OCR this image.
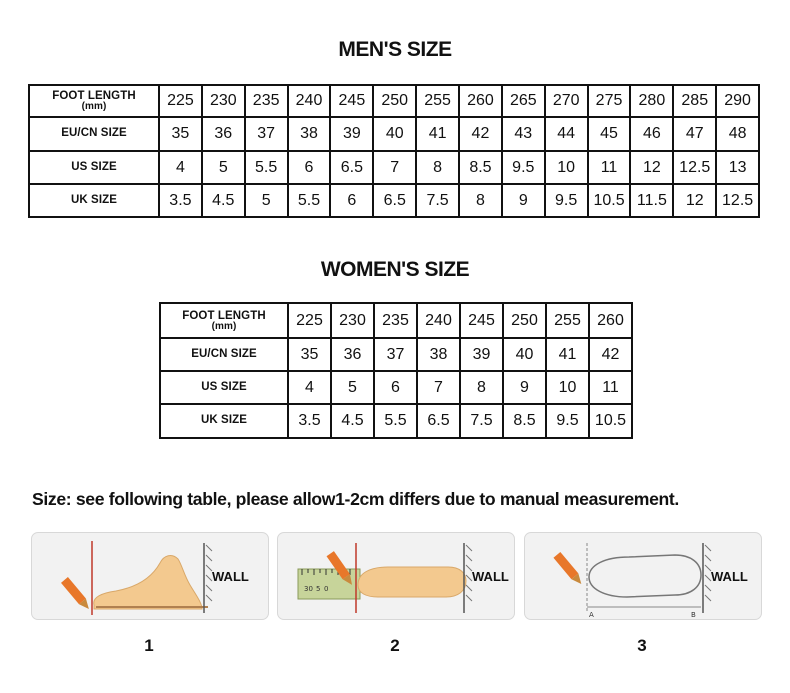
MEN'S SIZE
FOOT LENGTH
(mm)	225	230	235	240	245	250	255	260	265	270	275	280	285	290
EU/CN SIZE	35	36	37	38	39	40	41	42	43	44	45	46	47	48
US SIZE	4	5	5.5	6	6.5	7	8	8.5	9.5	10	11	12	12.5	13
UK SIZE	3.5	4.5	5	5.5	6	6.5	7.5	8	9	9.5	10.5	11.5	12	12.5
WOMEN'S SIZE
FOOT LENGTH
(mm)	225	230	235	240	245	250	255	260
EU/CN SIZE	35	36	37	38	39	40	41	42
US SIZE	4	5	6	7	8	9	10	11
UK SIZE	3.5	4.5	5.5	6.5	7.5	8.5	9.5	10.5
Size: see following table, please allow1-2cm differs due to manual measurement.
WALL
30 5 0
WALL
A	B
WALL
1	2	3
